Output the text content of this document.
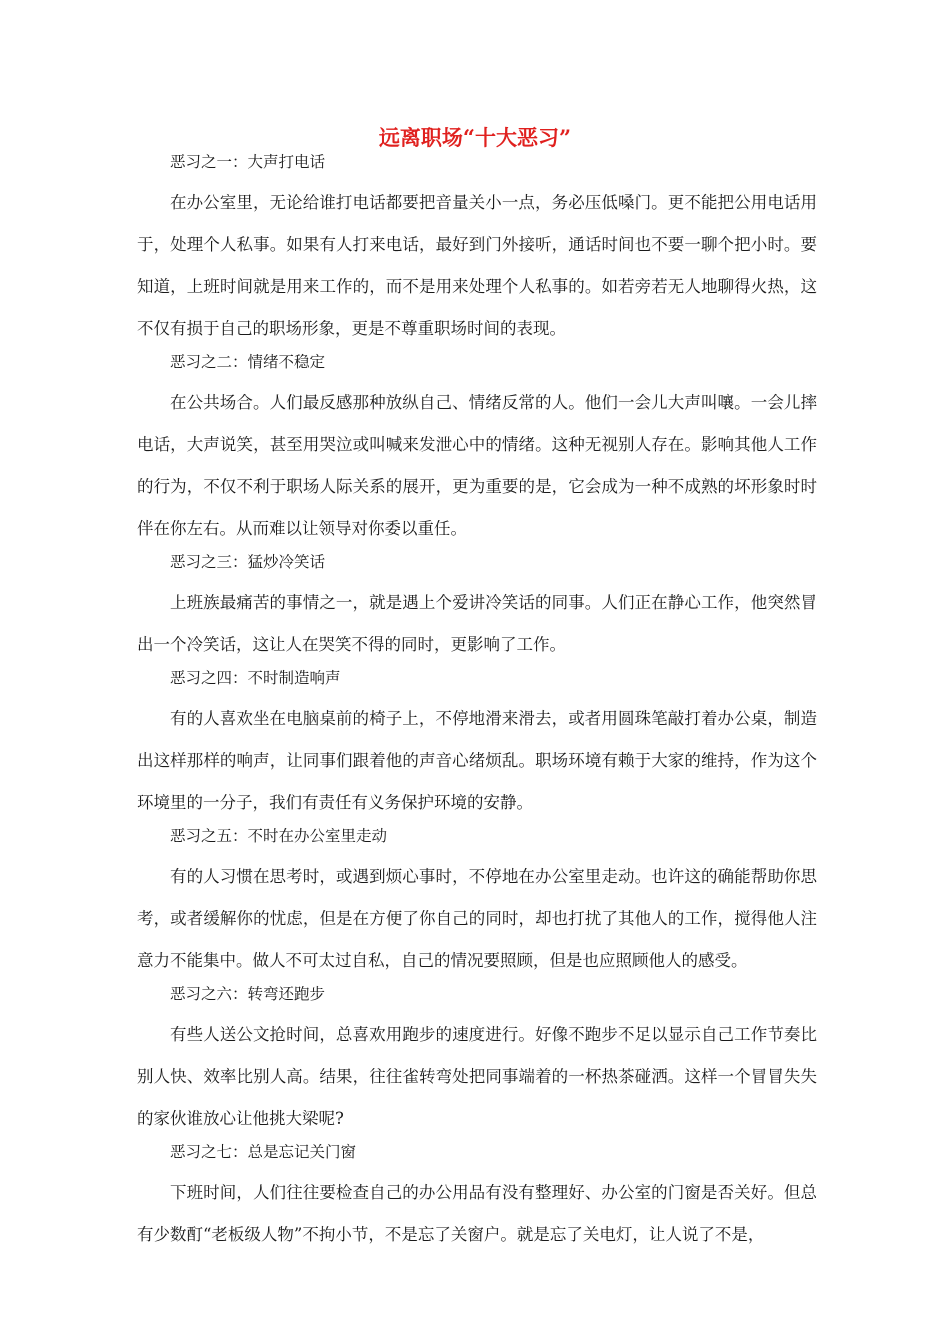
远离职场“十大恶习”

恶习之一：大声打电话

在办公室里，无论给谁打电话都要把音量关小一点，务必压低嗓门。更不能把公用电话用于，处理个人私事。如果有人打来电话，最好到门外接听，通话时间也不要一聊个把小时。要知道，上班时间就是用来工作的，而不是用来处理个人私事的。如若旁若无人地聊得火热，这不仅有损于自己的职场形象，更是不尊重职场时间的表现。

恶习之二：情绪不稳定

在公共场合。人们最反感那种放纵自己、情绪反常的人。他们一会儿大声叫嚷。一会儿摔电话，大声说笑，甚至用哭泣或叫喊来发泄心中的情绪。这种无视别人存在。影响其他人工作的行为，不仅不利于职场人际关系的展开，更为重要的是，它会成为一种不成熟的坏形象时时伴在你左右。从而难以让领导对你委以重任。

恶习之三：猛炒冷笑话

上班族最痛苦的事情之一，就是遇上个爱讲冷笑话的同事。人们正在静心工作，他突然冒出一个冷笑话，这让人在哭笑不得的同时，更影响了工作。

恶习之四：不时制造响声

有的人喜欢坐在电脑桌前的椅子上，不停地滑来滑去，或者用圆珠笔敲打着办公桌，制造出这样那样的响声，让同事们跟着他的声音心绪烦乱。职场环境有赖于大家的维持，作为这个环境里的一分子，我们有责任有义务保护环境的安静。

恶习之五：不时在办公室里走动

有的人习惯在思考时，或遇到烦心事时，不停地在办公室里走动。也许这的确能帮助你思考，或者缓解你的忧虑，但是在方便了你自己的同时，却也打扰了其他人的工作，搅得他人注意力不能集中。做人不可太过自私，自己的情况要照顾，但是也应照顾他人的感受。

恶习之六：转弯还跑步

有些人送公文抢时间，总喜欢用跑步的速度进行。好像不跑步不足以显示自己工作节奏比别人快、效率比别人高。结果，往往雀转弯处把同事端着的一杯热茶碰洒。这样一个冒冒失失的家伙谁放心让他挑大梁呢?

恶习之七：总是忘记关门窗

下班时间，人们往往要检查自己的办公用品有没有整理好、办公室的门窗是否关好。但总有少数酊“老板级人物”不拘小节，不是忘了关窗户。就是忘了关电灯，让人说了不是，
